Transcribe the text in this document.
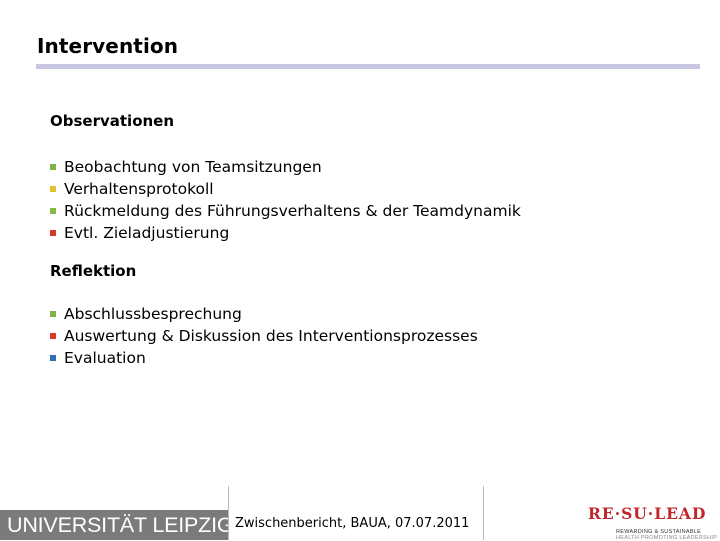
Intervention

Observationen

Beobachtung von Teamsitzungen
Verhaltensprotokoll
Rückmeldung des Führungsverhaltens & der Teamdynamik
Evtl. Zieladjustierung

Reflektion

Abschlussbesprechung
Auswertung & Diskussion des Interventionsprozesses
Evaluation
UNIVERSITÄT LEIPZIG Zwischenbericht, BAUA, 07.07.2011
RE·SU·LEAD
REWARDING & SUSTAINABLE
HEALTH PROMOTING LEADERSHIP
